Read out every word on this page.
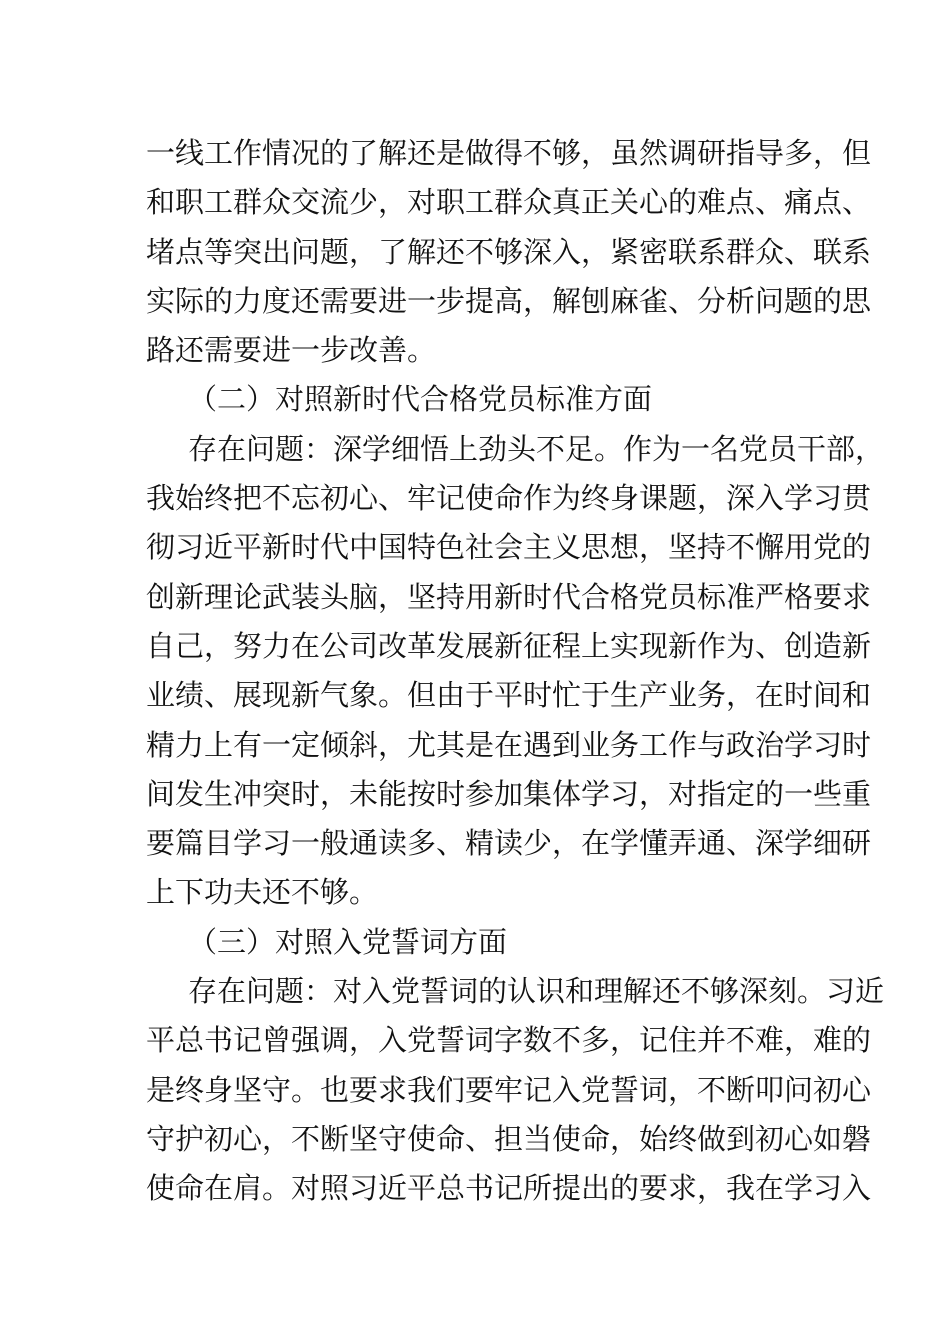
一线工作情况的了解还是做得不够，虽然调研指导多，但
和职工群众交流少，对职工群众真正关心的难点、痛点、
堵点等突出问题，了解还不够深入，紧密联系群众、联系
实际的力度还需要进一步提高，解刨麻雀、分析问题的思
路还需要进一步改善。
（二）对照新时代合格党员标准方面
存在问题：深学细悟上劲头不足。作为一名党员干部，
我始终把不忘初心、牢记使命作为终身课题，深入学习贯
彻习近平新时代中国特色社会主义思想，坚持不懈用党的
创新理论武装头脑，坚持用新时代合格党员标准严格要求
自己，努力在公司改革发展新征程上实现新作为、创造新
业绩、展现新气象。但由于平时忙于生产业务，在时间和
精力上有一定倾斜，尤其是在遇到业务工作与政治学习时
间发生冲突时，未能按时参加集体学习，对指定的一些重
要篇目学习一般通读多、精读少，在学懂弄通、深学细研
上下功夫还不够。
（三）对照入党誓词方面
存在问题：对入党誓词的认识和理解还不够深刻。习近
平总书记曾强调，入党誓词字数不多，记住并不难，难的
是终身坚守。也要求我们要牢记入党誓词，不断叩问初心
守护初心，不断坚守使命、担当使命，始终做到初心如磐
使命在肩。对照习近平总书记所提出的要求，我在学习入
